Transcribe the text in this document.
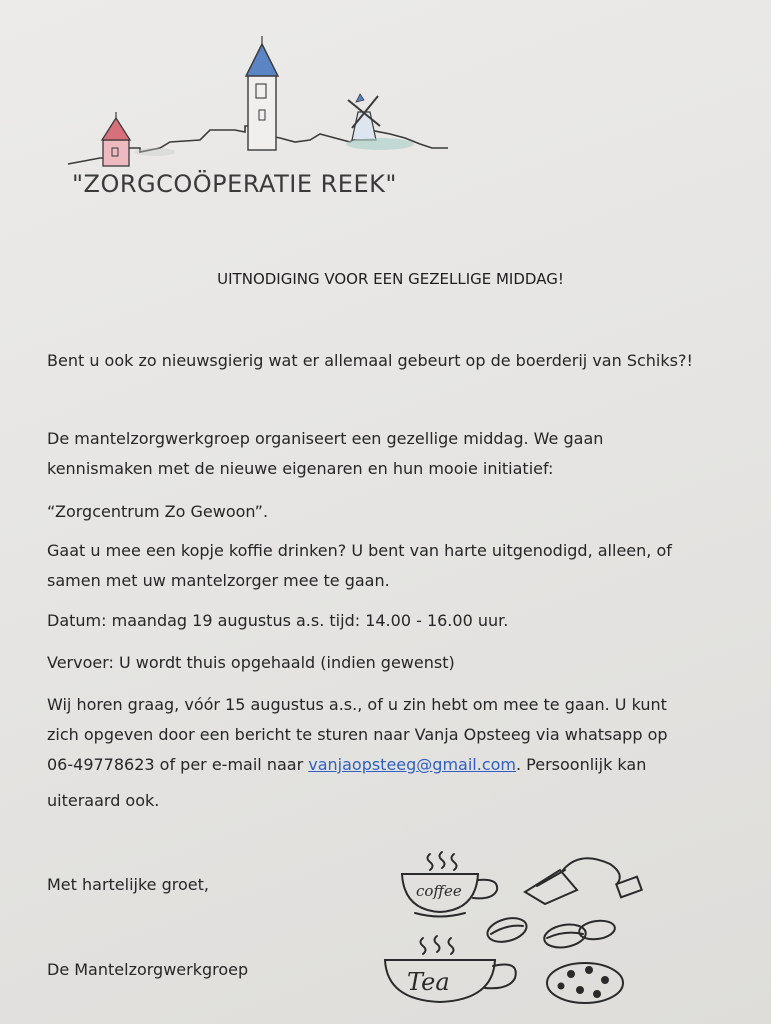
"ZORGCOÖPERATIE REEK"
UITNODIGING VOOR EEN GEZELLIGE MIDDAG!
Bent u ook zo nieuwsgierig wat er allemaal gebeurt op de boerderij van Schiks?!
De mantelzorgwerkgroep organiseert een gezellige middag. We gaan
kennismaken met de nieuwe eigenaren en hun mooie initiatief:
“Zorgcentrum Zo Gewoon”.
Gaat u mee een kopje koffie drinken? U bent van harte uitgenodigd, alleen, of
samen met uw mantelzorger mee te gaan.
Datum: maandag 19 augustus a.s. tijd: 14.00 - 16.00 uur.
Vervoer: U wordt thuis opgehaald (indien gewenst)
Wij horen graag, vóór 15 augustus a.s., of u zin hebt om mee te gaan. U kunt
zich opgeven door een bericht te sturen naar Vanja Opsteeg via whatsapp op
06-49778623 of per e-mail naar vanjaopsteeg@gmail.com. Persoonlijk kan
uiteraard ook.
Met hartelijke groet,
De Mantelzorgwerkgroep
coffee
Tea
